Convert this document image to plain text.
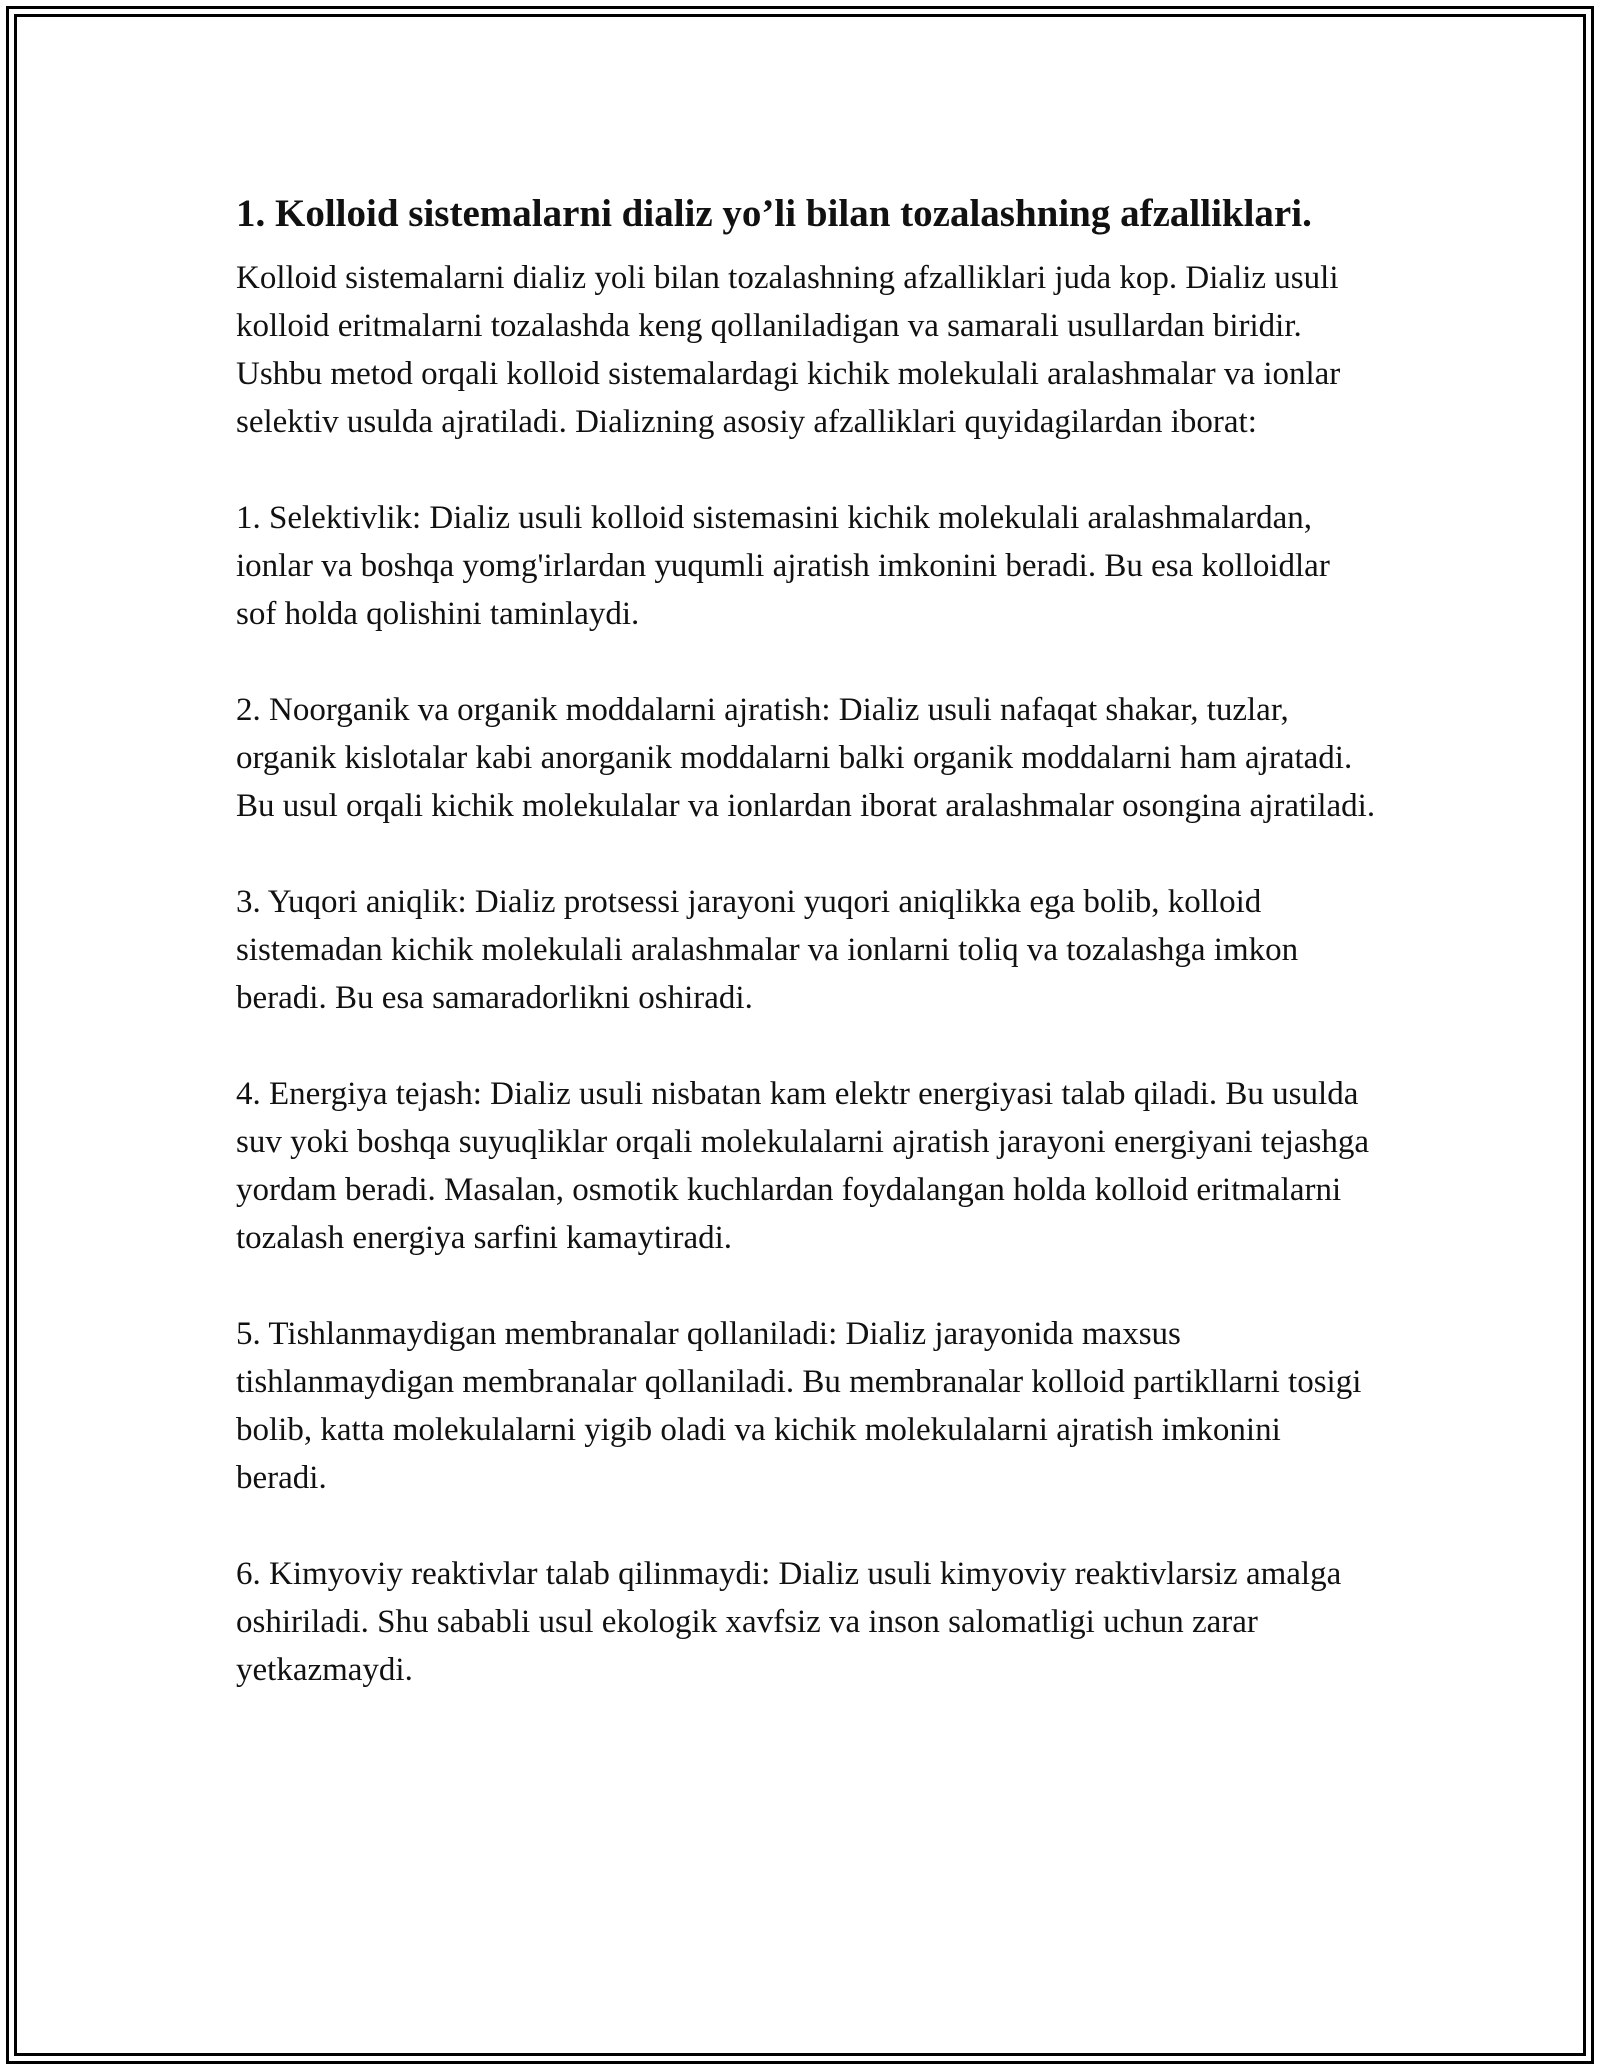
1. Kolloid sistemalarni dializ yo’li bilan tozalashning afzalliklari.

Kolloid sistemalarni dializ yoli bilan tozalashning afzalliklari juda kop. Dializ usuli kolloid eritmalarni tozalashda keng qollaniladigan va samarali usullardan biridir. Ushbu metod orqali kolloid sistemalardagi kichik molekulali aralashmalar va ionlar selektiv usulda ajratiladi. Dializning asosiy afzalliklari quyidagilardan iborat:

1. Selektivlik: Dializ usuli kolloid sistemasini kichik molekulali aralashmalardan, ionlar va boshqa yomg'irlardan yuqumli ajratish imkonini beradi. Bu esa kolloidlar sof holda qolishini taminlaydi.

2. Noorganik va organik moddalarni ajratish: Dializ usuli nafaqat shakar, tuzlar, organik kislotalar kabi anorganik moddalarni balki organik moddalarni ham ajratadi. Bu usul orqali kichik molekulalar va ionlardan iborat aralashmalar osongina ajratiladi.

3. Yuqori aniqlik: Dializ protsessi jarayoni yuqori aniqlikka ega bolib, kolloid sistemadan kichik molekulali aralashmalar va ionlarni toliq va tozalashga imkon beradi. Bu esa samaradorlikni oshiradi.

4. Energiya tejash: Dializ usuli nisbatan kam elektr energiyasi talab qiladi. Bu usulda suv yoki boshqa suyuqliklar orqali molekulalarni ajratish jarayoni energiyani tejashga yordam beradi. Masalan, osmotik kuchlardan foydalangan holda kolloid eritmalarni tozalash energiya sarfini kamaytiradi.

5. Tishlanmaydigan membranalar qollaniladi: Dializ jarayonida maxsus tishlanmaydigan membranalar qollaniladi. Bu membranalar kolloid partikllarni tosigi bolib, katta molekulalarni yigib oladi va kichik molekulalarni ajratish imkonini beradi.

6. Kimyoviy reaktivlar talab qilinmaydi: Dializ usuli kimyoviy reaktivlarsiz amalga oshiriladi. Shu sababli usul ekologik xavfsiz va inson salomatligi uchun zarar yetkazmaydi.
